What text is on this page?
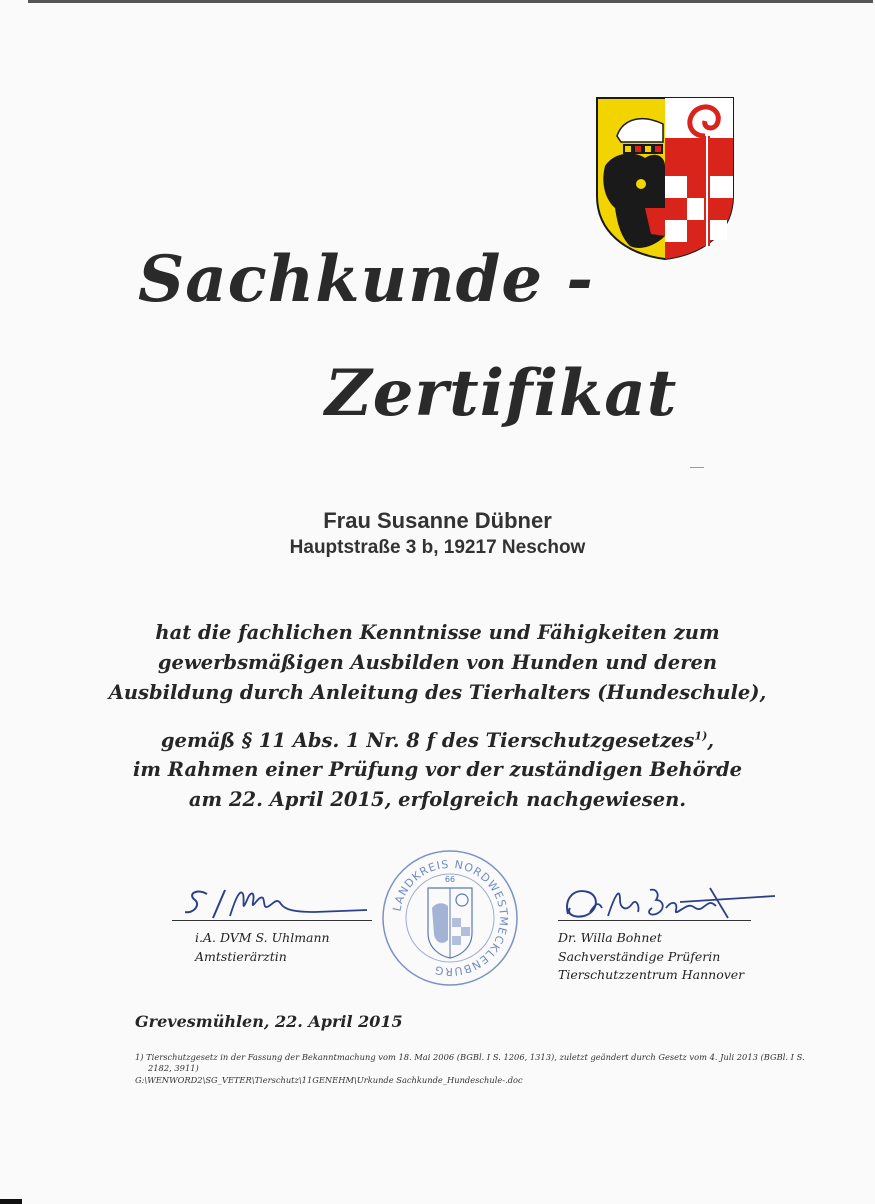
Sachkunde -
Zertifikat
Frau Susanne Dübner
Hauptstraße 3 b, 19217 Neschow
hat die fachlichen Kenntnisse und Fähigkeiten zum
gewerbsmäßigen Ausbilden von Hunden und deren
Ausbildung durch Anleitung des Tierhalters (Hundeschule),
gemäß § 11 Abs. 1 Nr. 8 f des Tierschutzgesetzes$^{1)}$,
im Rahmen einer Prüfung vor der zuständigen Behörde
am 22. April 2015, erfolgreich nachgewiesen.
i.A. DVM S. Uhlmann
Amtstierärztin
LANDKREIS NORDWESTMECKLENBURG
66
Dr. Willa Bohnet
Sachverständige Prüferin
Tierschutzzentrum Hannover
Grevesmühlen, 22. April 2015
1) Tierschutzgesetz in der Fassung der Bekanntmachung vom 18. Mai 2006 (BGBl. I S. 1206, 1313), zuletzt geändert durch Gesetz vom 4. Juli 2013 (BGBl. I S.
2182, 3911)
G:\WENWORD2\SG_VETER\Tierschutz\11GENEHM\Urkunde Sachkunde_Hundeschule-.doc
